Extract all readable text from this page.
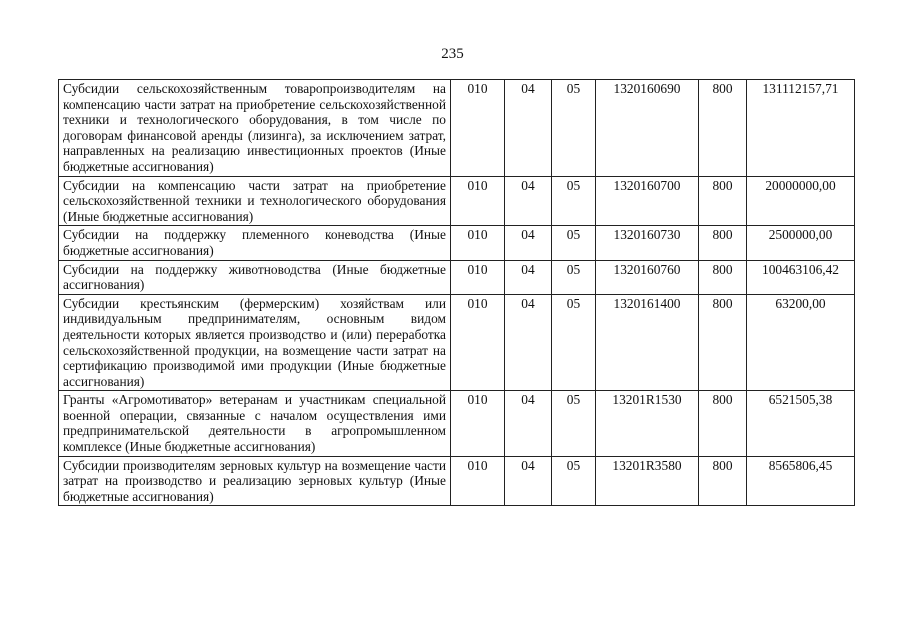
235
Субсидии сельскохозяйственным товаропроизводителям на компенсацию части затрат на приобретение сельскохозяйственной техники и технологического оборудования, в том числе по договорам финансовой аренды (лизинга), за исключением затрат, направленных на реализацию инвестиционных проектов (Иные бюджетные ассигнования)	010	04	05	1320160690	800	131112157,71
Субсидии на компенсацию части затрат на приобретение сельскохозяйственной техники и технологического оборудования (Иные бюджетные ассигнования)	010	04	05	1320160700	800	20000000,00
Субсидии на поддержку племенного коневодства (Иные бюджетные ассигнования)	010	04	05	1320160730	800	2500000,00
Субсидии на поддержку животноводства (Иные бюджетные ассигнования)	010	04	05	1320160760	800	100463106,42
Субсидии крестьянским (фермерским) хозяйствам или индивидуальным предпринимателям, основным видом деятельности которых является производство и (или) переработка сельскохозяйственной продукции, на возмещение части затрат на сертификацию производимой ими продукции (Иные бюджетные ассигнования)	010	04	05	1320161400	800	63200,00
Гранты «Агромотиватор» ветеранам и участникам специальной военной операции, связанные с началом осуществления ими предпринимательской деятельности в агропромышленном комплексе (Иные бюджетные ассигнования)	010	04	05	13201R1530	800	6521505,38
Субсидии производителям зерновых культур на возмещение части затрат на производство и реализацию зерновых культур (Иные бюджетные ассигнования)	010	04	05	13201R3580	800	8565806,45
